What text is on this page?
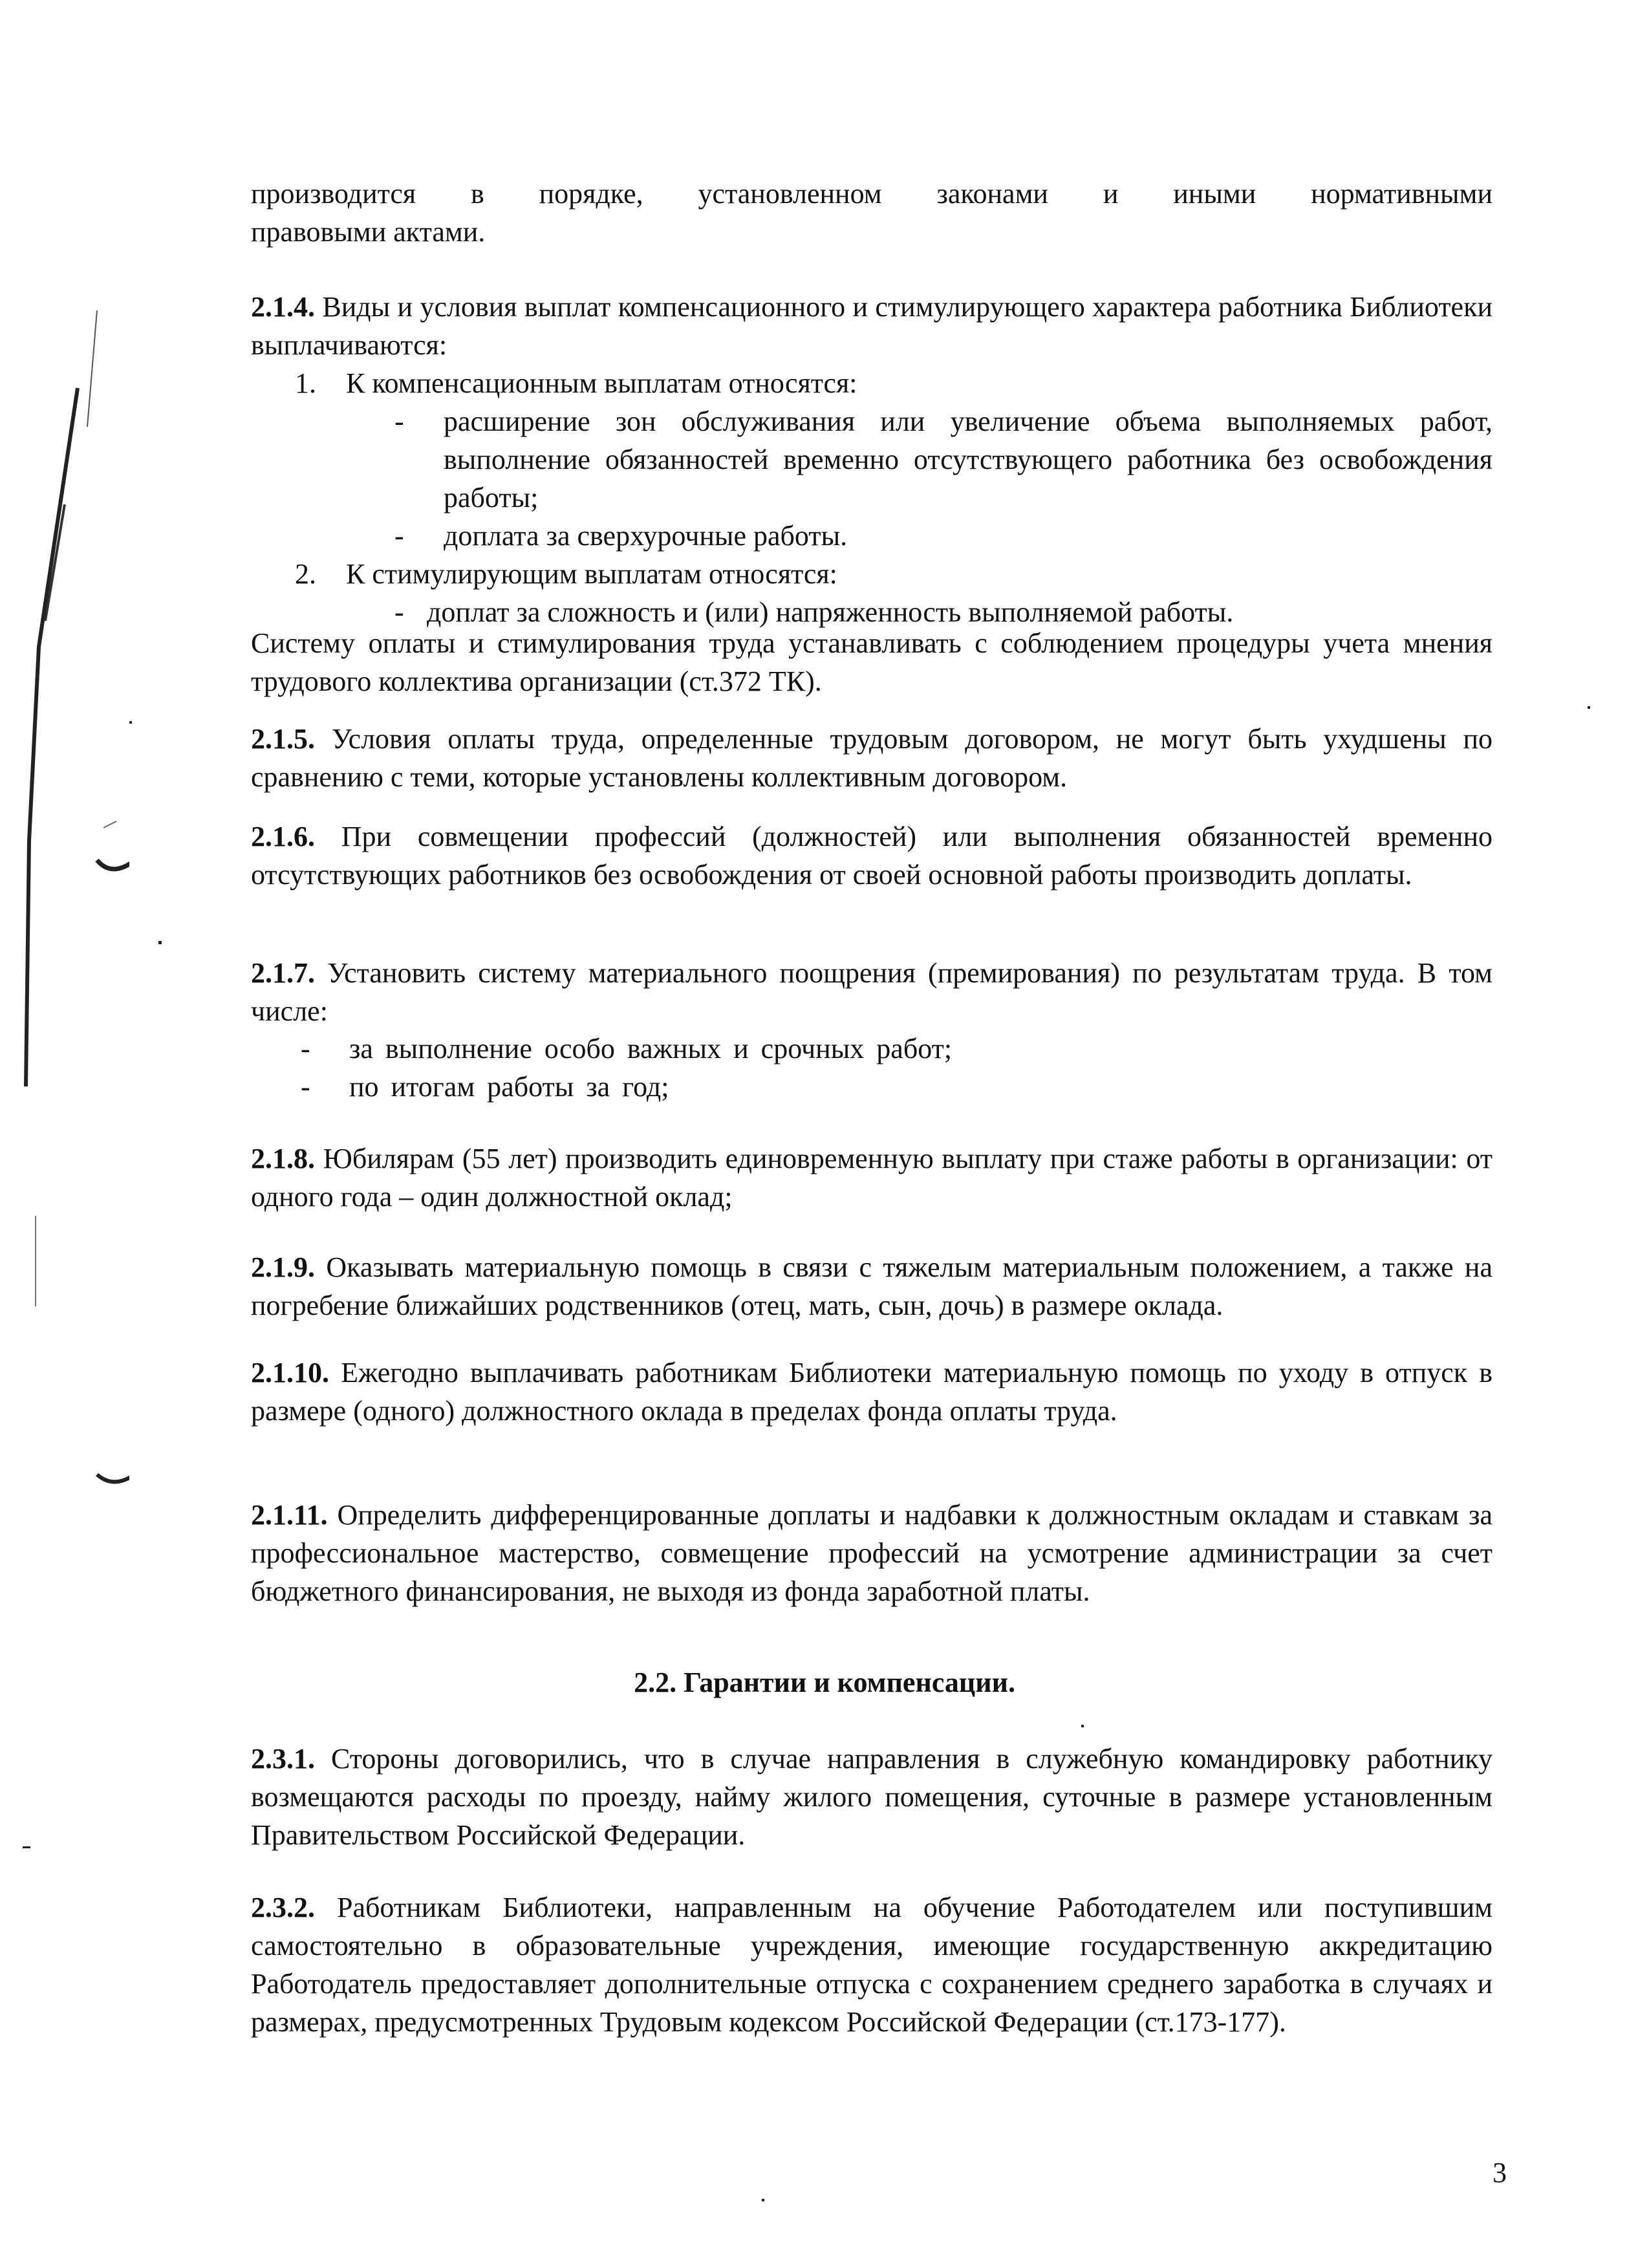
производится в порядке, установленном законами и иными нормативными
правовыми актами.

2.1.4. Виды и условия выплат компенсационного и стимулирующего характера работника Библиотеки выплачиваются:

1. К компенсационным выплатам относятся:
- расширение зон обслуживания или увеличение объема выполняемых работ, выполнение обязанностей временно отсутствующего работника без освобождения работы;

- доплата за сверхурочные работы.
2. К стимулирующим выплатам относятся:
- доплат за сложность и (или) напряженность выполняемой работы.

Систему оплаты и стимулирования труда устанавливать с соблюдением процедуры учета мнения трудового коллектива организации (ст.372 ТК).

2.1.5. Условия оплаты труда, определенные трудовым договором, не могут быть ухудшены по сравнению с теми, которые установлены коллективным договором.

2.1.6. При совмещении профессий (должностей) или выполнения обязанностей временно отсутствующих работников без освобождения от своей основной работы производить доплаты.

2.1.7. Установить систему материального поощрения (премирования) по результатам труда. В том числе:

- за выполнение особо важных и срочных работ;
- по итогам работы за год;

2.1.8. Юбилярам (55 лет) производить единовременную выплату при стаже работы в организации: от одного года – один должностной оклад;

2.1.9. Оказывать материальную помощь в связи с тяжелым материальным положением, а также на погребение ближайших родственников (отец, мать, сын, дочь) в размере оклада.

2.1.10. Ежегодно выплачивать работникам Библиотеки материальную помощь по уходу в отпуск в размере (одного) должностного оклада в пределах фонда оплаты труда.

2.1.11. Определить дифференцированные доплаты и надбавки к должностным окладам и ставкам за профессиональное мастерство, совмещение профессий на усмотрение администрации за счет бюджетного финансирования, не выходя из фонда заработной платы.

2.2. Гарантии и компенсации.

2.3.1. Стороны договорились, что в случае направления в служебную командировку работнику возмещаются расходы по проезду, найму жилого помещения, суточные в размере установленным Правительством Российской Федерации.

2.3.2. Работникам Библиотеки, направленным на обучение Работодателем или поступившим самостоятельно в образовательные учреждения, имеющие государственную аккредитацию Работодатель предоставляет дополнительные отпуска с сохранением среднего заработка в случаях и размерах, предусмотренных Трудовым кодексом Российской Федерации (ст.173-177).

3
